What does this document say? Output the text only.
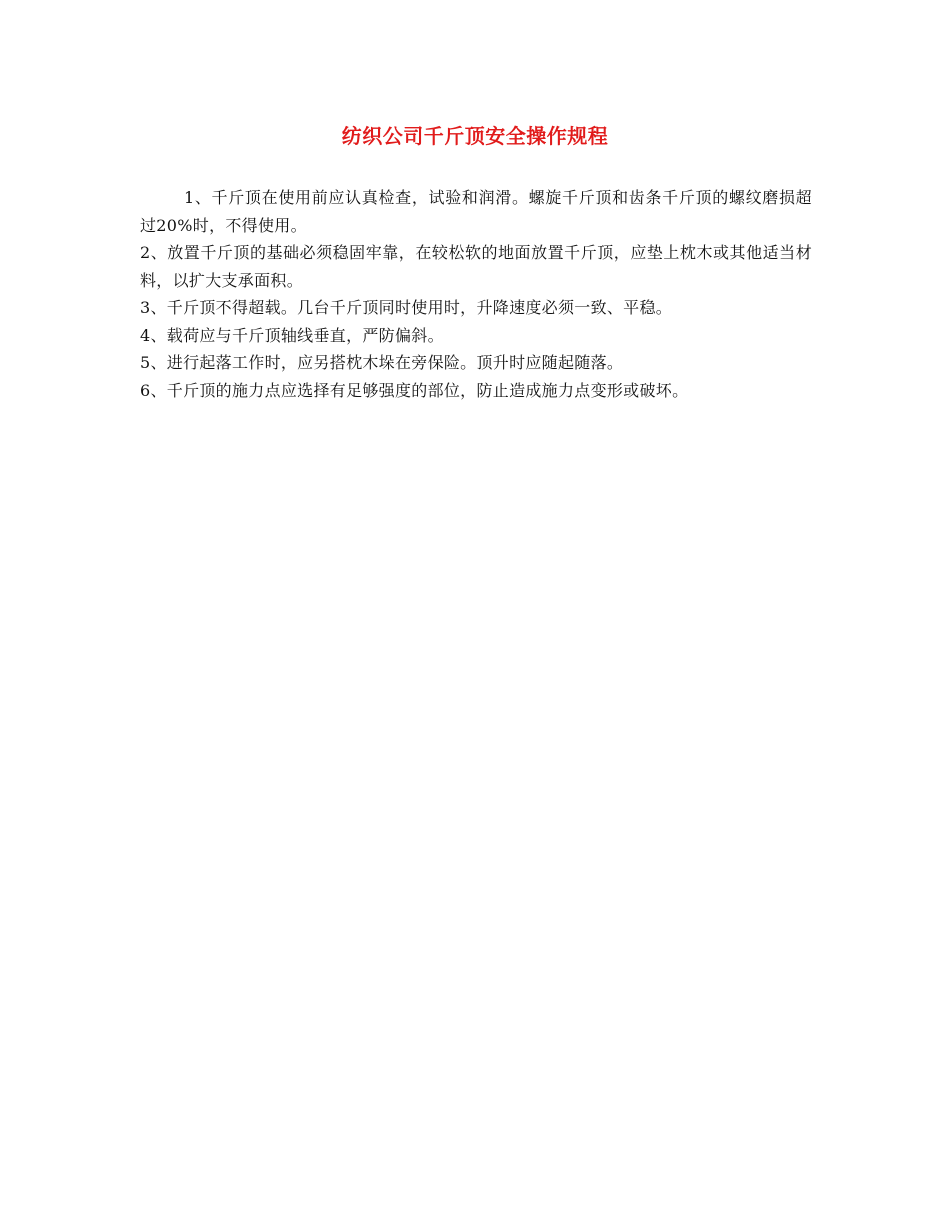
纺织公司千斤顶安全操作规程

1、千斤顶在使用前应认真检查，试验和润滑。螺旋千斤顶和齿条千斤顶的螺纹磨损超过20%时，不得使用。

2、放置千斤顶的基础必须稳固牢靠，在较松软的地面放置千斤顶，应垫上枕木或其他适当材料，以扩大支承面积。

3、千斤顶不得超载。几台千斤顶同时使用时，升降速度必须一致、平稳。

4、载荷应与千斤顶轴线垂直，严防偏斜。

5、进行起落工作时，应另搭枕木垛在旁保险。顶升时应随起随落。

6、千斤顶的施力点应选择有足够强度的部位，防止造成施力点变形或破坏。
